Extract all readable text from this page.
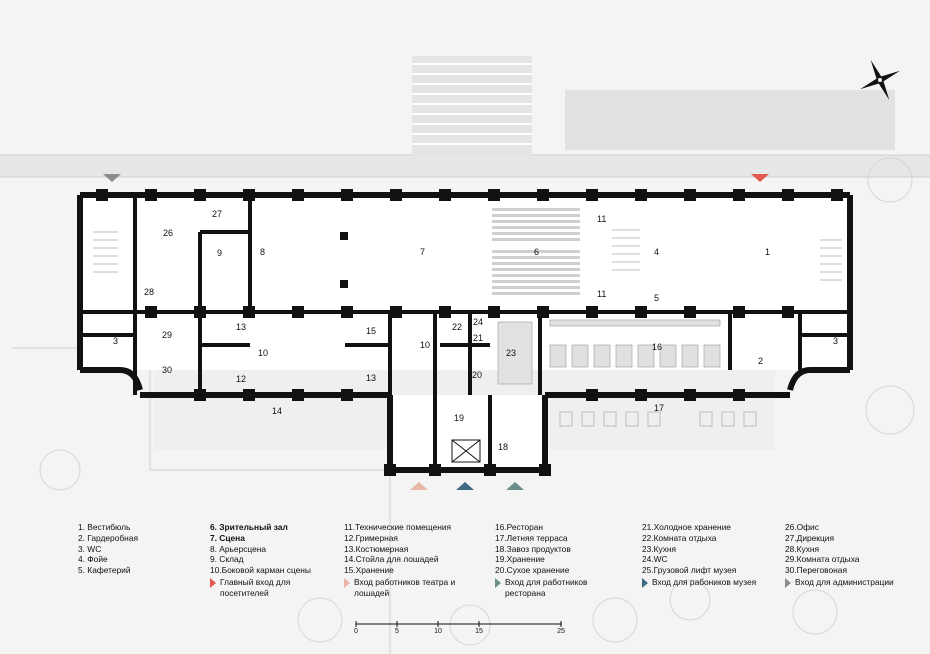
1
2
3	3
4
5
6
7
8
9
10
10
11
11
12
13
13
14
15
16
17
18
19
20
21
22
23
24
26
27
28
29
30
1. Вестибюль
2. Гардеробная
3. WC
4. Фойе
5. Кафетерий
6. Зрительный зал
7. Сцена
8. Арьерсцена
9. Склад
10.Боковой карман сцены
Главный вход для посетителей
11.Технические помещения
12.Гримерная
13.Костюмерная
14.Стойла для лошадей
15.Хранение
Вход работников театра и лошадей
16.Ресторан
17.Летняя терраса
18.Завоз продуктов
19.Хранение
20.Сухое хранение
Вход для работников ресторана
21.Холодное хранение
22.Комната отдыха
23.Кухня
24.WC
25.Грузовой лифт музея
Вход для рабоников музея
26.Офис
27.Дирекция
28.Кухня
29.Комната отдыха
30.Переговоная
Вход для администрации
0	5	10	15	25
